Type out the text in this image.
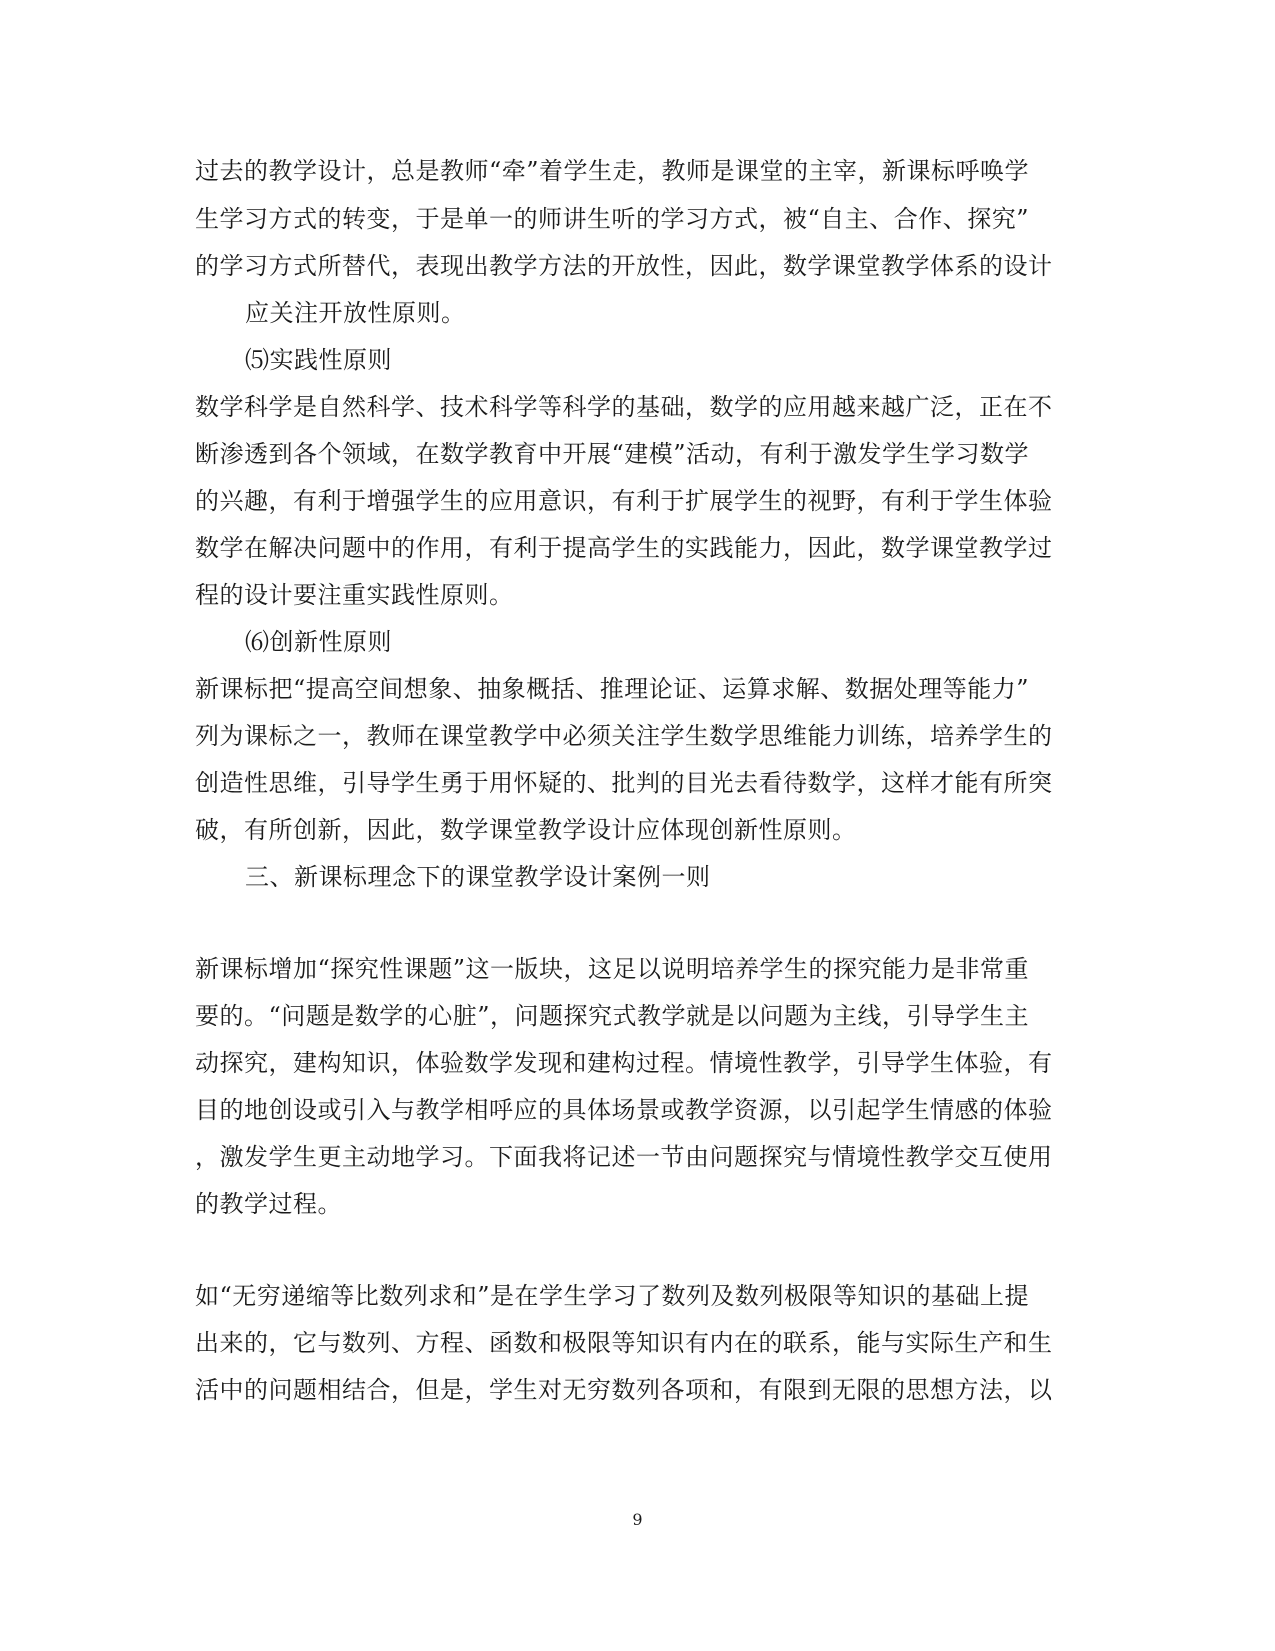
过去的教学设计，总是教师“牵”着学生走，教师是课堂的主宰，新课标呼唤学
生学习方式的转变，于是单一的师讲生听的学习方式，被“自主、合作、探究”
的学习方式所替代，表现出教学方法的开放性，因此，数学课堂教学体系的设计
应关注开放性原则。
⑸实践性原则
数学科学是自然科学、技术科学等科学的基础，数学的应用越来越广泛，正在不
断渗透到各个领域，在数学教育中开展“建模”活动，有利于激发学生学习数学
的兴趣，有利于增强学生的应用意识，有利于扩展学生的视野，有利于学生体验
数学在解决问题中的作用，有利于提高学生的实践能力，因此，数学课堂教学过
程的设计要注重实践性原则。
⑹创新性原则
新课标把“提高空间想象、抽象概括、推理论证、运算求解、数据处理等能力”
列为课标之一，教师在课堂教学中必须关注学生数学思维能力训练，培养学生的
创造性思维，引导学生勇于用怀疑的、批判的目光去看待数学，这样才能有所突
破，有所创新，因此，数学课堂教学设计应体现创新性原则。
三、新课标理念下的课堂教学设计案例一则
新课标增加“探究性课题”这一版块，这足以说明培养学生的探究能力是非常重
要的。“问题是数学的心脏”，问题探究式教学就是以问题为主线，引导学生主
动探究，建构知识，体验数学发现和建构过程。情境性教学，引导学生体验，有
目的地创设或引入与教学相呼应的具体场景或教学资源，以引起学生情感的体验
，激发学生更主动地学习。下面我将记述一节由问题探究与情境性教学交互使用
的教学过程。
如“无穷递缩等比数列求和”是在学生学习了数列及数列极限等知识的基础上提
出来的，它与数列、方程、函数和极限等知识有内在的联系，能与实际生产和生
活中的问题相结合，但是，学生对无穷数列各项和，有限到无限的思想方法，以
9
